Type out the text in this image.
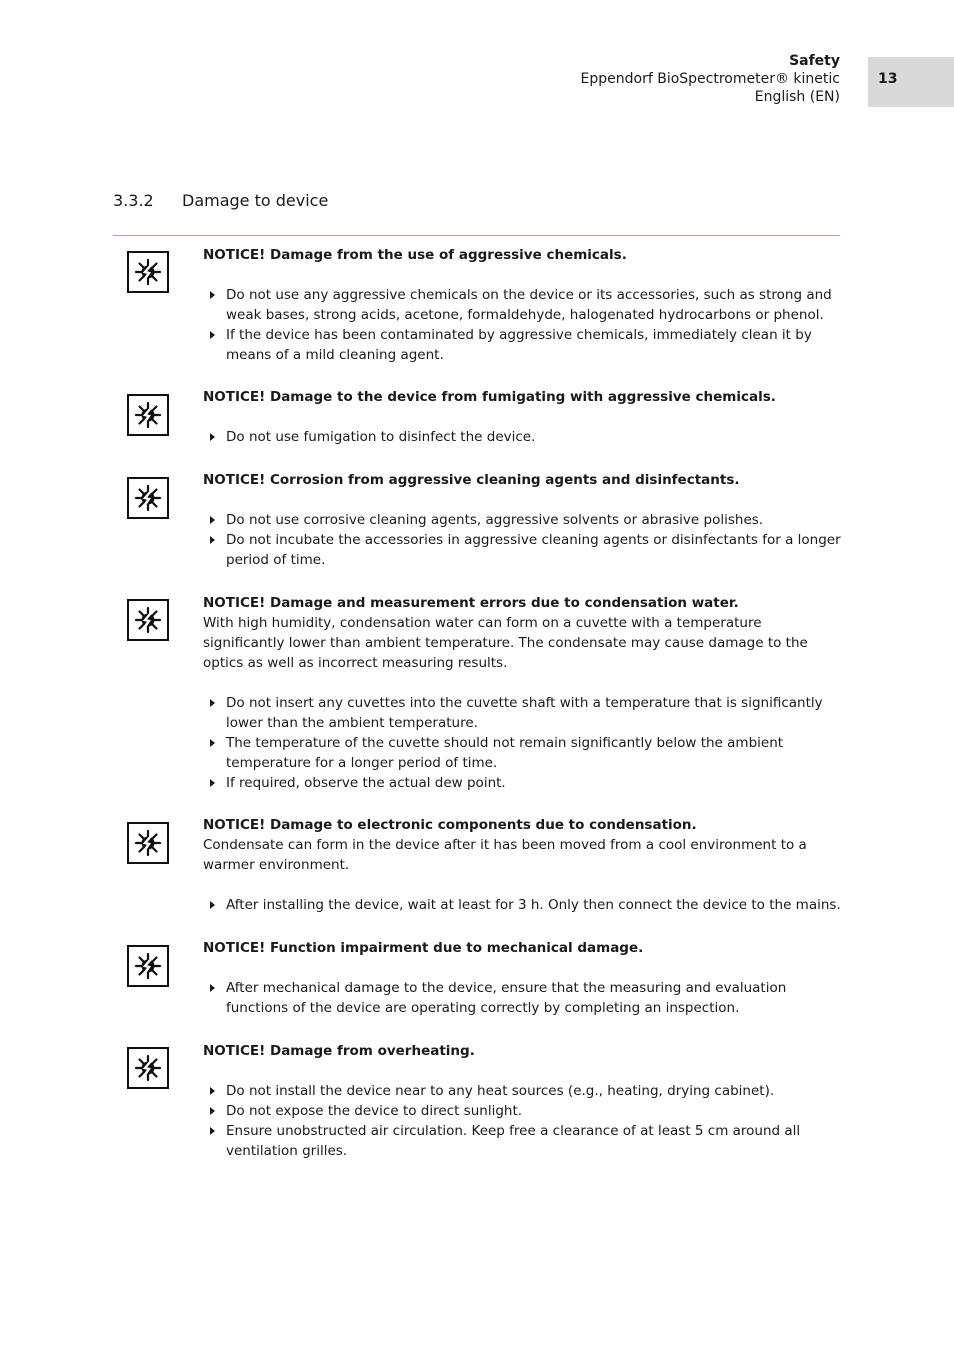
Safety
Eppendorf BioSpectrometer® kinetic
English (EN)
13
3.3.2 Damage to device
NOTICE! Damage from the use of aggressive chemicals.
Do not use any aggressive chemicals on the device or its accessories, such as strong and weak bases, strong acids, acetone, formaldehyde, halogenated hydrocarbons or phenol.
If the device has been contaminated by aggressive chemicals, immediately clean it by means of a mild cleaning agent.
NOTICE! Damage to the device from fumigating with aggressive chemicals.
Do not use fumigation to disinfect the device.
NOTICE! Corrosion from aggressive cleaning agents and disinfectants.
Do not use corrosive cleaning agents, aggressive solvents or abrasive polishes.
Do not incubate the accessories in aggressive cleaning agents or disinfectants for a longer period of time.
NOTICE! Damage and measurement errors due to condensation water.
With high humidity, condensation water can form on a cuvette with a temperature significantly lower than ambient temperature. The condensate may cause damage to the optics as well as incorrect measuring results.
Do not insert any cuvettes into the cuvette shaft with a temperature that is significantly lower than the ambient temperature.
The temperature of the cuvette should not remain significantly below the ambient temperature for a longer period of time.
If required, observe the actual dew point.
NOTICE! Damage to electronic components due to condensation.
Condensate can form in the device after it has been moved from a cool environment to a warmer environment.
After installing the device, wait at least for 3 h. Only then connect the device to the mains.
NOTICE! Function impairment due to mechanical damage.
After mechanical damage to the device, ensure that the measuring and evaluation functions of the device are operating correctly by completing an inspection.
NOTICE! Damage from overheating.
Do not install the device near to any heat sources (e.g., heating, drying cabinet).
Do not expose the device to direct sunlight.
Ensure unobstructed air circulation. Keep free a clearance of at least 5 cm around all ventilation grilles.
